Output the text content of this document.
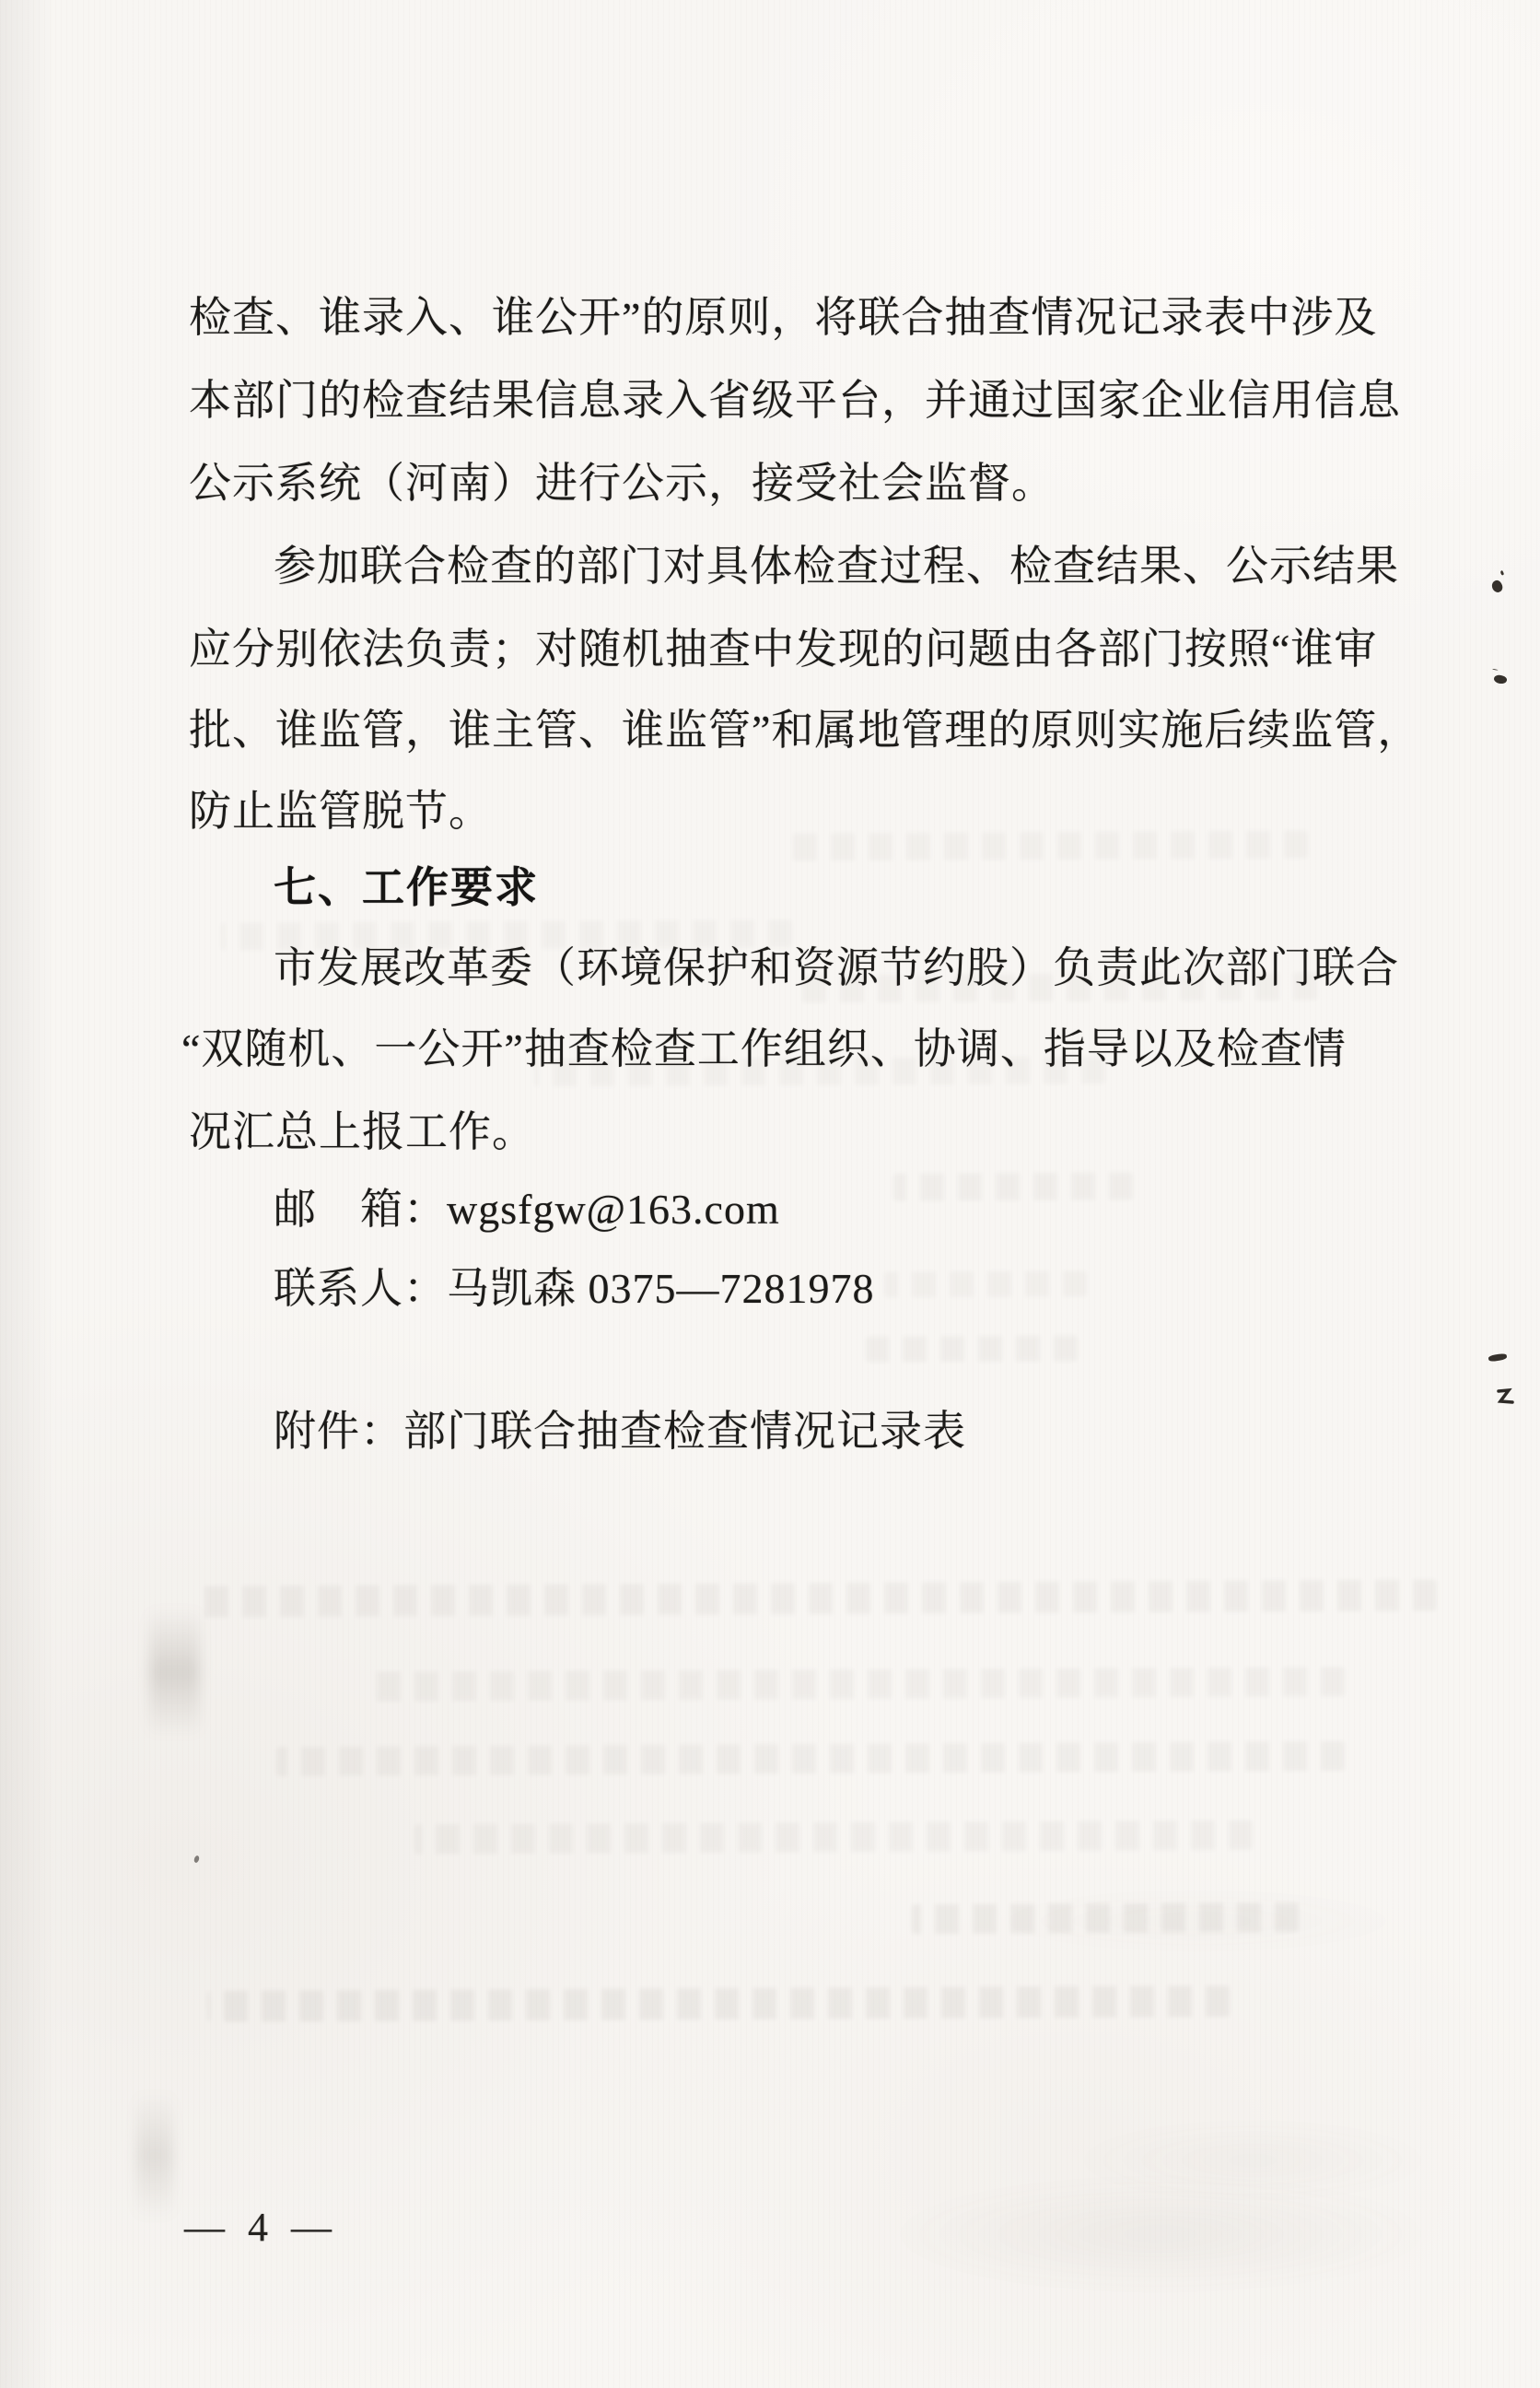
检查、谁录入、谁公开”的原则，将联合抽查情况记录表中涉及
本部门的检查结果信息录入省级平台，并通过国家企业信用信息
公示系统（河南）进行公示，接受社会监督。
参加联合检查的部门对具体检查过程、检查结果、公示结果
应分别依法负责；对随机抽查中发现的问题由各部门按照“谁审
批、谁监管，谁主管、谁监管”和属地管理的原则实施后续监管，
防止监管脱节。
七、工作要求
市发展改革委（环境保护和资源节约股）负责此次部门联合
“双随机、一公开”抽查检查工作组织、协调、指导以及检查情
况汇总上报工作。
邮　箱：wgsfgw@163.com
联系人：马凯森 0375—7281978
附件：部门联合抽查检查情况记录表
— 4 —
